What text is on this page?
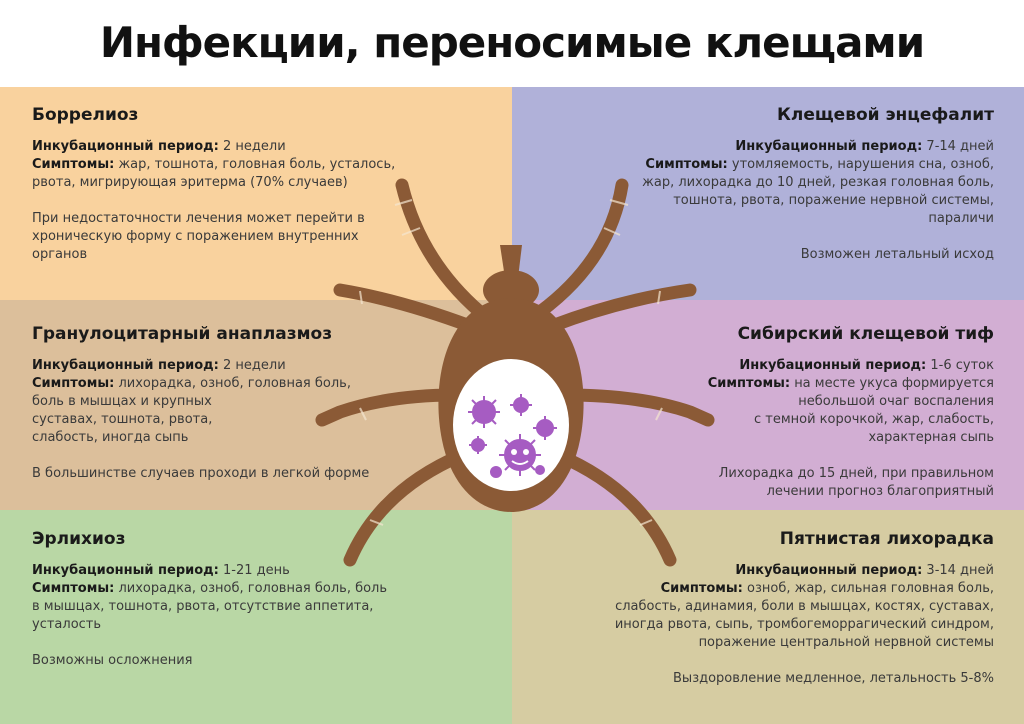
Инфекции, переносимые клещами
Боррелиоз
Инкубационный период: 2 недели
Симптомы: жар, тошнота, головная боль, усталось,
рвота, мигрирующая эритерма (70% случаев)
При недостаточности лечения может перейти в
хроническую форму с поражением внутренних
органов
Клещевой энцефалит
Инкубационный период: 7-14 дней
Симптомы: утомляемость, нарушения сна, озноб,
жар, лихорадка до 10 дней, резкая головная боль,
тошнота, рвота, поражение нервной системы,
параличи
Возможен летальный исход
Гранулоцитарный анаплазмоз
Инкубационный период: 2 недели
Симптомы: лихорадка, озноб, головная боль,
боль в мышцах и крупных
суставах, тошнота, рвота,
слабость, иногда сыпь
В большинстве случаев проходи в легкой форме
Сибирский клещевой тиф
Инкубационный период: 1-6 суток
Симптомы: на месте укуса формируется
небольшой очаг воспаления
с темной корочкой, жар, слабость,
характерная сыпь
Лихорадка до 15 дней, при правильном
лечении прогноз благоприятный
Эрлихиоз
Инкубационный период: 1-21 день
Симптомы: лихорадка, озноб, головная боль, боль
в мышцах, тошнота, рвота, отсутствие аппетита,
усталость
Возможны осложнения
Пятнистая лихорадка
Инкубационный период: 3-14 дней
Симптомы: озноб, жар, сильная головная боль,
слабость, адинамия, боли в мышцах, костях, суставах,
иногда рвота, сыпь, тромбогеморрагический синдром,
поражение центральной нервной системы
Выздоровление медленное, летальность 5-8%
